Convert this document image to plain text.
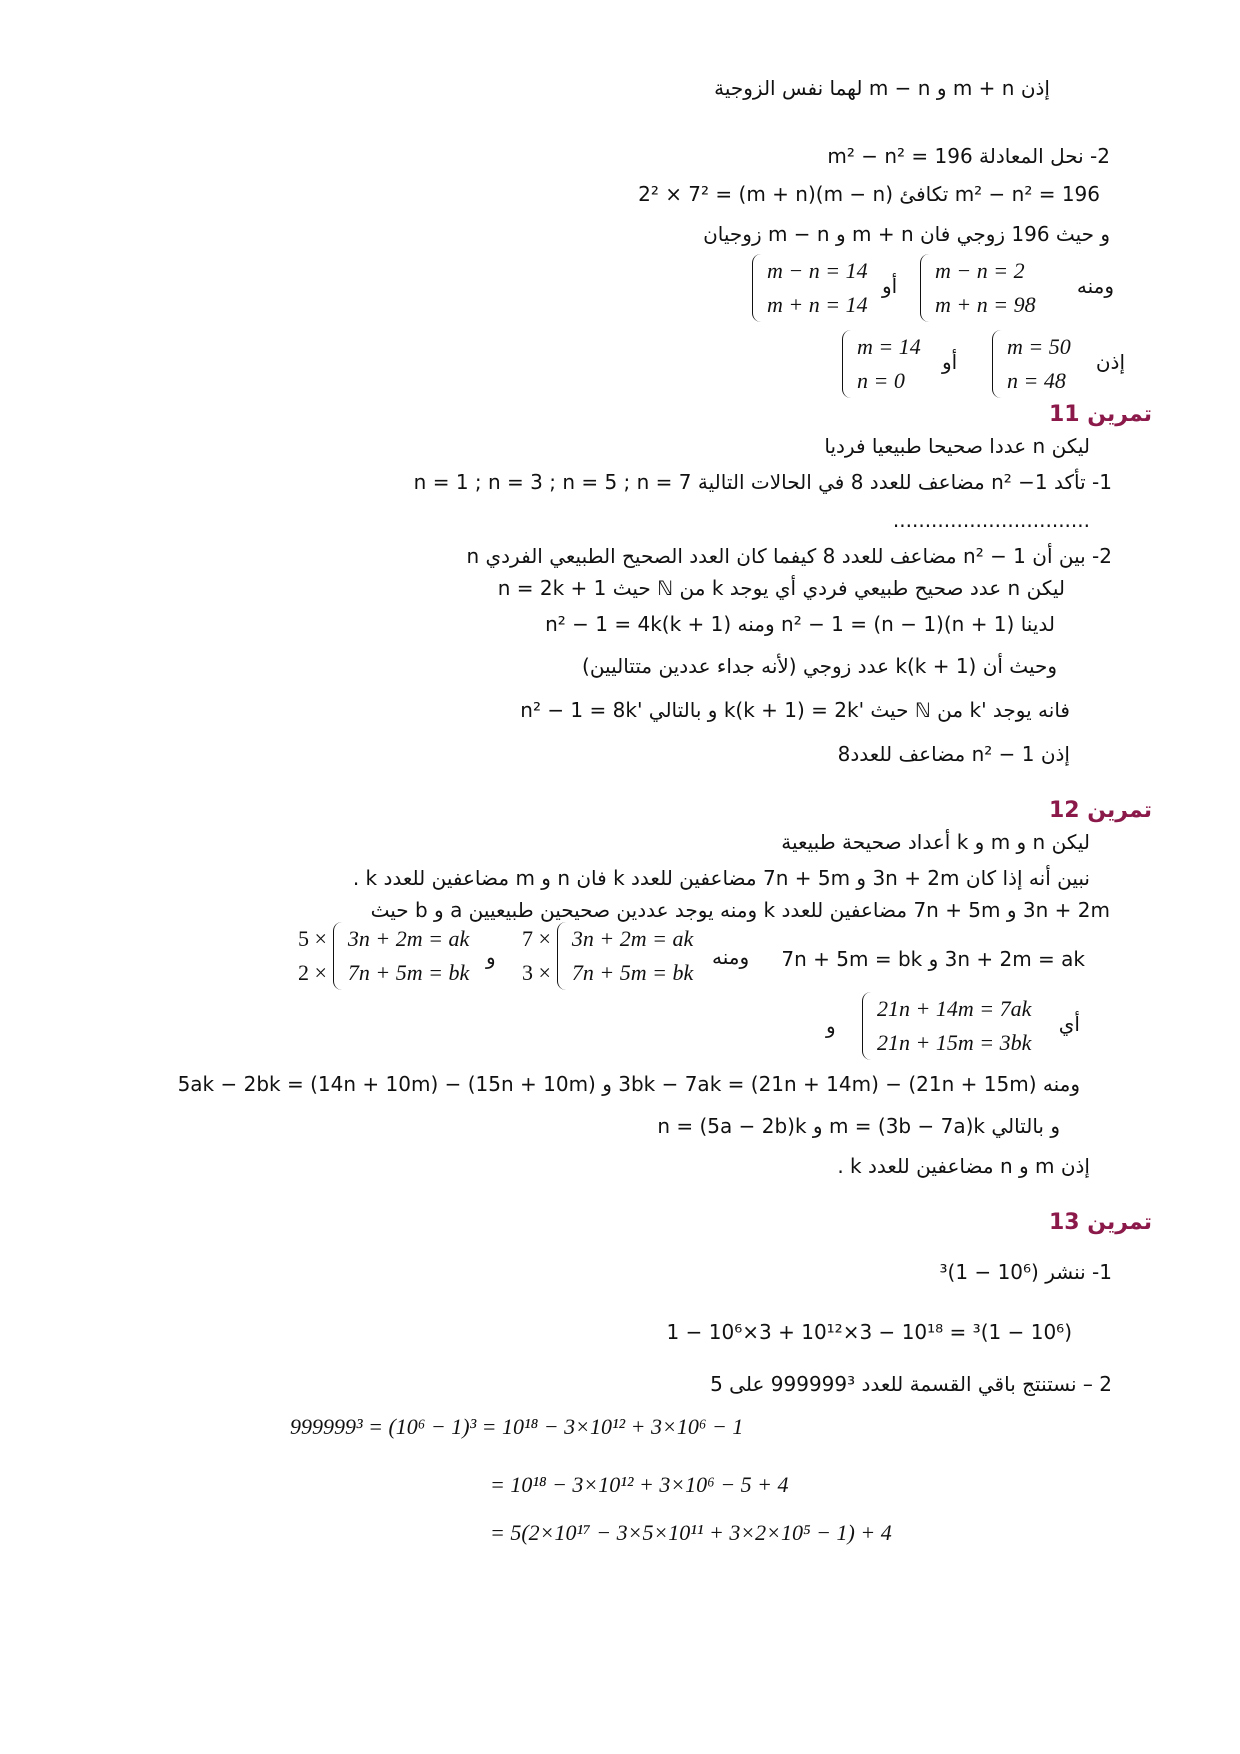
إذن m + n و m − n لهما نفس الزوجية
2- نحل المعادلة m² − n² = 196
m² − n² = 196 تكافئ (m − n)(m + n) = 2² × 7²
و حيث 196 زوجي فان m + n و m − n زوجيان
ومنه
m − n = 2
m + n = 98
أو
m − n = 14
m + n = 14
إذن
m = 50
n = 48
أو
m = 14
n = 0
تمرين 11
ليكن n عددا صحيحا طبيعيا فرديا
1- تأكد n² −1 مضاعف للعدد 8 في الحالات التالية n = 1 ; n = 3 ; n = 5 ; n = 7
...............................
2- بين أن n² − 1 مضاعف للعدد 8 كيفما كان العدد الصحيح الطبيعي الفردي n
ليكن n عدد صحيح طبيعي فردي أي يوجد k من ℕ حيث n = 2k + 1
لدينا n² − 1 = (n − 1)(n + 1) ومنه n² − 1 = 4k(k + 1)
وحيث أن k(k + 1) عدد زوجي (لأنه جداء عددين متتاليين)
فانه يوجد 'k من ℕ حيث 'k(k + 1) = 2k و بالتالي 'n² − 1 = 8k
إذن n² − 1 مضاعف للعدد8
تمرين 12
ليكن n و m و k أعداد صحيحة طبيعية
نبين أنه إذا كان 3n + 2m و 7n + 5m مضاعفين للعدد k فان n و m مضاعفين للعدد k .
3n + 2m و 7n + 5m مضاعفين للعدد k ومنه يوجد عددين صحيحين طبيعيين a و b حيث
3n + 2m = ak و 7n + 5m = bk
ومنه
7 ×
3 ×
3n + 2m = ak
7n + 5m = bk
و
5 ×
2 ×
3n + 2m = ak
7n + 5m = bk
أي
21n + 14m = 7ak
21n + 15m = 3bk
و
ومنه (21n + 15m) − (21n + 14m) = 3bk − 7ak و (15n + 10m) − (14n + 10m) = 5ak − 2bk
و بالتالي m = (3b − 7a)k و n = (5a − 2b)k
إذن m و n مضاعفين للعدد k .
تمرين 13
1- ننشر (10⁶ − 1)³
(10⁶ − 1)³ = 10¹⁸ − 3×10¹² + 3×10⁶ − 1
2 – نستنتج باقي القسمة للعدد 999999³ على 5
999999³ = (10⁶ − 1)³ = 10¹⁸ − 3×10¹² + 3×10⁶ − 1
= 10¹⁸ − 3×10¹² + 3×10⁶ − 5 + 4
= 5(2×10¹⁷ − 3×5×10¹¹ + 3×2×10⁵ − 1) + 4
